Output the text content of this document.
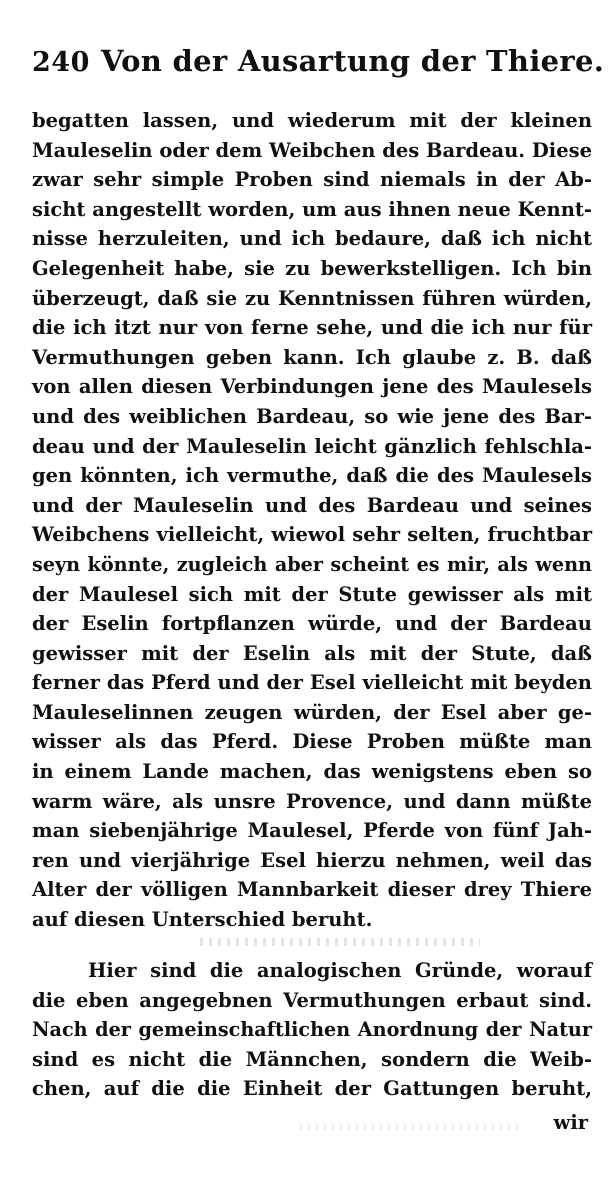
240 Von der Ausartung der Thiere.
begatten lassen, und wiederum mit der kleinen
Mauleselin oder dem Weibchen des Bardeau. Diese
zwar sehr simple Proben sind niemals in der Ab-
sicht angestellt worden, um aus ihnen neue Kennt-
nisse herzuleiten, und ich bedaure, daß ich nicht
Gelegenheit habe, sie zu bewerkstelligen. Ich bin
überzeugt, daß sie zu Kenntnissen führen würden,
die ich itzt nur von ferne sehe, und die ich nur für
Vermuthungen geben kann. Ich glaube z. B. daß
von allen diesen Verbindungen jene des Maulesels
und des weiblichen Bardeau, so wie jene des Bar-
deau und der Mauleselin leicht gänzlich fehlschla-
gen könnten, ich vermuthe, daß die des Maulesels
und der Mauleselin und des Bardeau und seines
Weibchens vielleicht, wiewol sehr selten, fruchtbar
seyn könnte, zugleich aber scheint es mir, als wenn
der Maulesel sich mit der Stute gewisser als mit
der Eselin fortpflanzen würde, und der Bardeau
gewisser mit der Eselin als mit der Stute, daß
ferner das Pferd und der Esel vielleicht mit beyden
Mauleselinnen zeugen würden, der Esel aber ge-
wisser als das Pferd. Diese Proben müßte man
in einem Lande machen, das wenigstens eben so
warm wäre, als unsre Provence, und dann müßte
man siebenjährige Maulesel, Pferde von fünf Jah-
ren und vierjährige Esel hierzu nehmen, weil das
Alter der völligen Mannbarkeit dieser drey Thiere
auf diesen Unterschied beruht.
Hier sind die analogischen Gründe, worauf
die eben angegebnen Vermuthungen erbaut sind.
Nach der gemeinschaftlichen Anordnung der Natur
sind es nicht die Männchen, sondern die Weib-
chen, auf die die Einheit der Gattungen beruht,
wir
